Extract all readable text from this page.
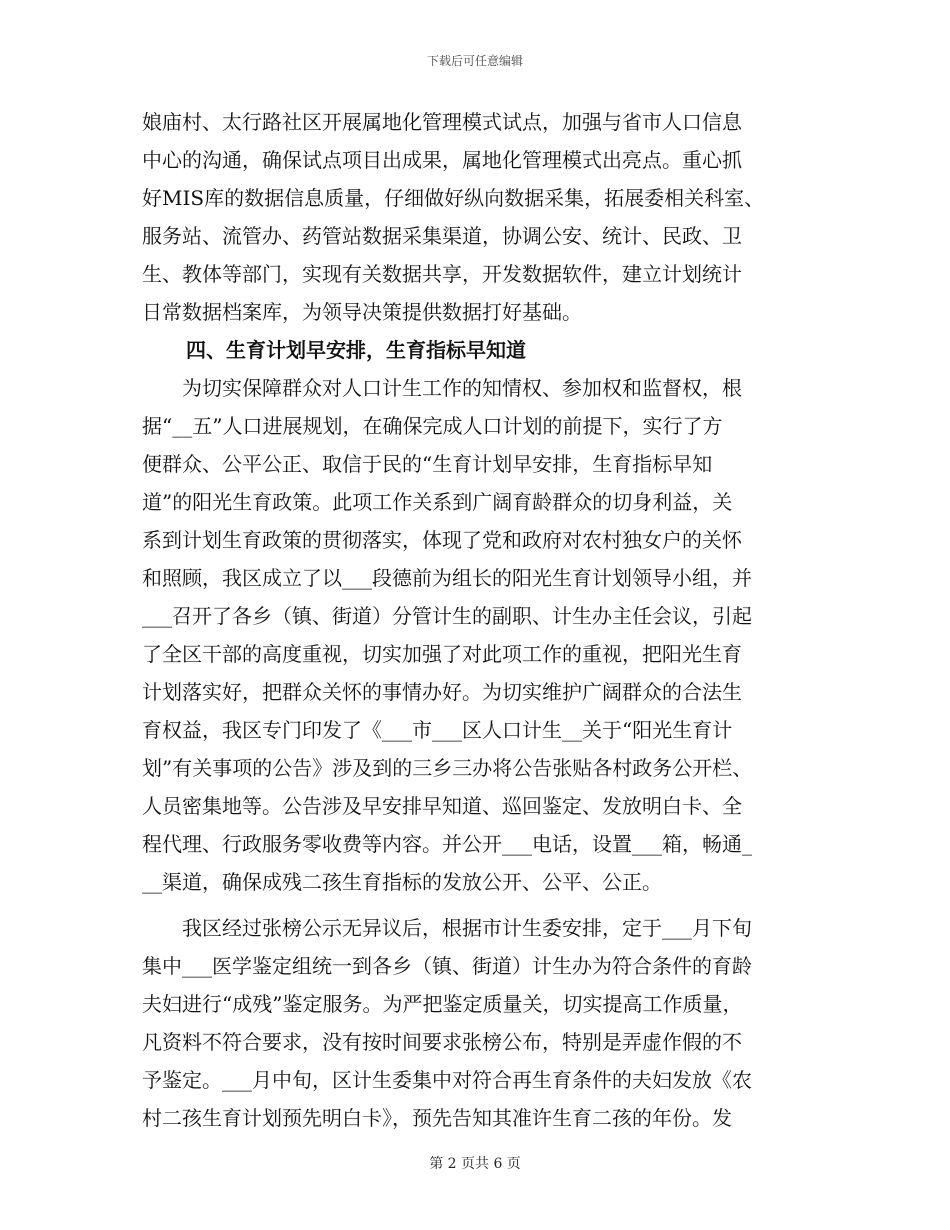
下载后可任意编辑

娘庙村、太行路社区开展属地化管理模式试点，加强与省市人口信息

中心的沟通，确保试点项目出成果，属地化管理模式出亮点。重心抓

好MIS库的数据信息质量，仔细做好纵向数据采集，拓展委相关科室、

服务站、流管办、药管站数据采集渠道，协调公安、统计、民政、卫

生、教体等部门，实现有关数据共享，开发数据软件，建立计划统计

日常数据档案库，为领导决策提供数据打好基础。

四、生育计划早安排，生育指标早知道

　　为切实保障群众对人口计生工作的知情权、参加权和监督权，根

据“__五”人口进展规划，在确保完成人口计划的前提下，实行了方

便群众、公平公正、取信于民的“生育计划早安排，生育指标早知

道”的阳光生育政策。此项工作关系到广阔育龄群众的切身利益，关

系到计划生育政策的贯彻落实，体现了党和政府对农村独女户的关怀

和照顾，我区成立了以___段德前为组长的阳光生育计划领导小组，并

___召开了各乡（镇、街道）分管计生的副职、计生办主任会议，引起

了全区干部的高度重视，切实加强了对此项工作的重视，把阳光生育

计划落实好，把群众关怀的事情办好。为切实维护广阔群众的合法生

育权益，我区专门印发了《___市___区人口计生__关于“阳光生育计

划”有关事项的公告》涉及到的三乡三办将公告张贴各村政务公开栏、

人员密集地等。公告涉及早安排早知道、巡回鉴定、发放明白卡、全

程代理、行政服务零收费等内容。并公开___电话，设置___箱，畅通_

__渠道，确保成残二孩生育指标的发放公开、公平、公正。

　　我区经过张榜公示无异议后，根据市计生委安排，定于___月下旬

集中___医学鉴定组统一到各乡（镇、街道）计生办为符合条件的育龄

夫妇进行“成残”鉴定服务。为严把鉴定质量关，切实提高工作质量，

凡资料不符合要求，没有按时间要求张榜公布，特别是弄虚作假的不

予鉴定。___月中旬，区计生委集中对符合再生育条件的夫妇发放《农

村二孩生育计划预先明白卡》，预先告知其准许生育二孩的年份。发

第 2 页共 6 页
